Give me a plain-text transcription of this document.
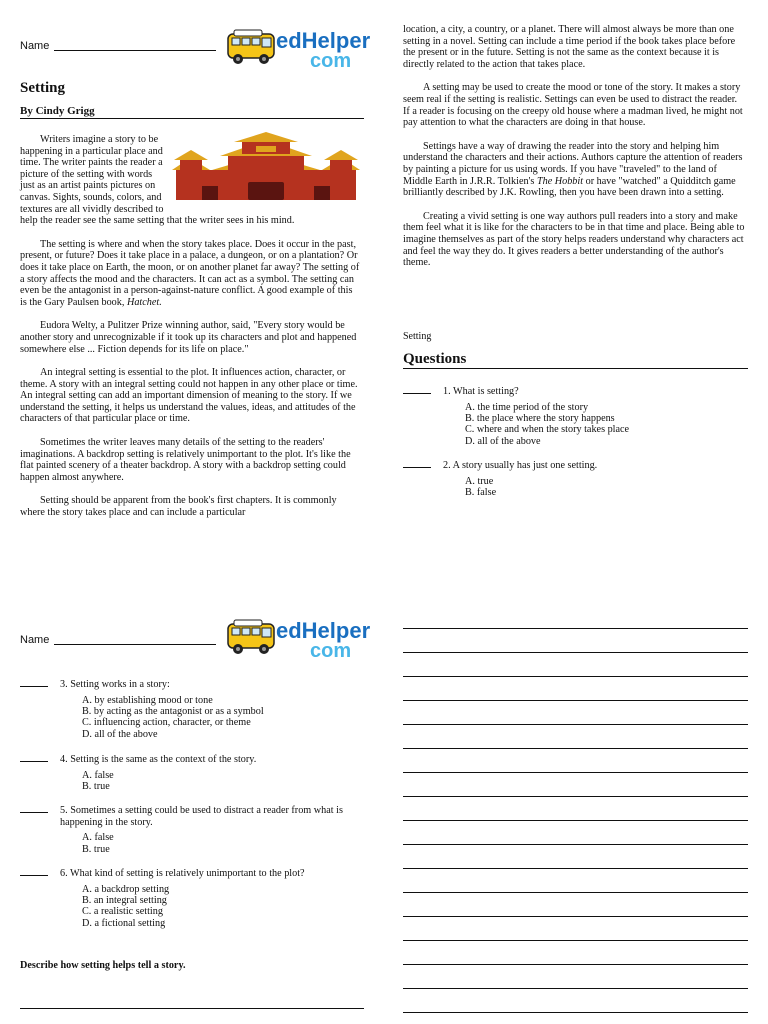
Name	edHelper.
com
Setting
By Cindy Grigg

Writers imagine a story to be happening in a particular place and time. The writer paints the reader a picture of the setting with words just as an artist paints pictures on canvas. Sights, sounds, colors, and textures are all vividly described to help the reader see the same setting that the writer sees in his mind.

The setting is where and when the story takes place. Does it occur in the past, present, or future? Does it take place in a palace, a dungeon, or on a plantation? Or does it take place on Earth, the moon, or on another planet far away? The setting of a story affects the mood and the characters. It can act as a symbol. The setting can even be the antagonist in a person-against-nature conflict. A good example of this is the Gary Paulsen book, Hatchet.

Eudora Welty, a Pulitzer Prize winning author, said, "Every story would be another story and unrecognizable if it took up its characters and plot and happened somewhere else ... Fiction depends for its life on place."

An integral setting is essential to the plot. It influences action, character, or theme. A story with an integral setting could not happen in any other place or time. An integral setting can add an important dimension of meaning to the story. If we understand the setting, it helps us understand the values, ideas, and attitudes of the characters of that particular place or time.

Sometimes the writer leaves many details of the setting to the readers' imaginations. A backdrop setting is relatively unimportant to the plot. It's like the flat painted scenery of a theater backdrop. A story with a backdrop setting could happen almost anywhere.

Setting should be apparent from the book's first chapters. It is commonly where the story takes place and can include a particular

location, a city, a country, or a planet. There will almost always be more than one setting in a novel. Setting can include a time period if the book takes place before the present or in the future. Setting is not the same as the context because it is directly related to the action that takes place.

A setting may be used to create the mood or tone of the story. It makes a story seem real if the setting is realistic. Settings can even be used to distract the reader. If a reader is focusing on the creepy old house where a madman lived, he might not pay attention to what the characters are doing in that house.

Settings have a way of drawing the reader into the story and helping him understand the characters and their actions. Authors capture the attention of readers by painting a picture for us using words. If you have "traveled" to the land of Middle Earth in J.R.R. Tolkien's The Hobbit or have "watched" a Quidditch game brilliantly described by J.K. Rowling, then you have been drawn into a setting.

Creating a vivid setting is one way authors pull readers into a story and make them feel what it is like for the characters to be in that time and place. Being able to imagine themselves as part of the story helps readers understand why characters act and feel the way they do. It gives readers a better understanding of the author's theme.

Setting
Questions
1. What is setting?
A. the time period of the story
B. the place where the story happens
C. where and when the story takes place
D. all of the above
2. A story usually has just one setting.
A. true
B. false
Name	edHelper.
com
3. Setting works in a story:
A. by establishing mood or tone
B. by acting as the antagonist or as a symbol
C. influencing action, character, or theme
D. all of the above
4. Setting is the same as the context of the story.
A. false
B. true
5. Sometimes a setting could be used to distract a reader from what is happening in the story.
A. false
B. true
6. What kind of setting is relatively unimportant to the plot?
A. a backdrop setting
B. an integral setting
C. a realistic setting
D. a fictional setting
Describe how setting helps tell a story.
